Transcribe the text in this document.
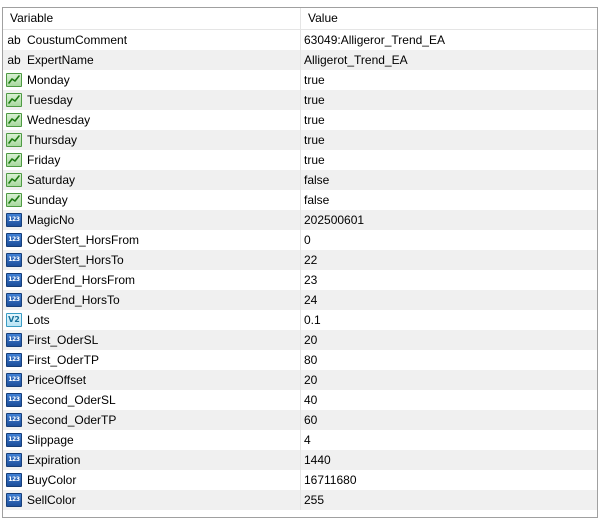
Variable	Value
ab CoustumComment	63049:Alligeror_Trend_EA
ab ExpertName	Alligerot_Trend_EA
Monday	true
Tuesday	true
Wednesday	true
Thursday	true
Friday	true
Saturday	false
Sunday	false
123 MagicNo	202500601
123 OderStert_HorsFrom	0
123 OderStert_HorsTo	22
123 OderEnd_HorsFrom	23
123 OderEnd_HorsTo	24
V2 Lots	0.1
123 First_OderSL	20
123 First_OderTP	80
123 PriceOffset	20
123 Second_OderSL	40
123 Second_OderTP	60
123 Slippage	4
123 Expiration	1440
123 BuyColor	16711680
123 SellColor	255
